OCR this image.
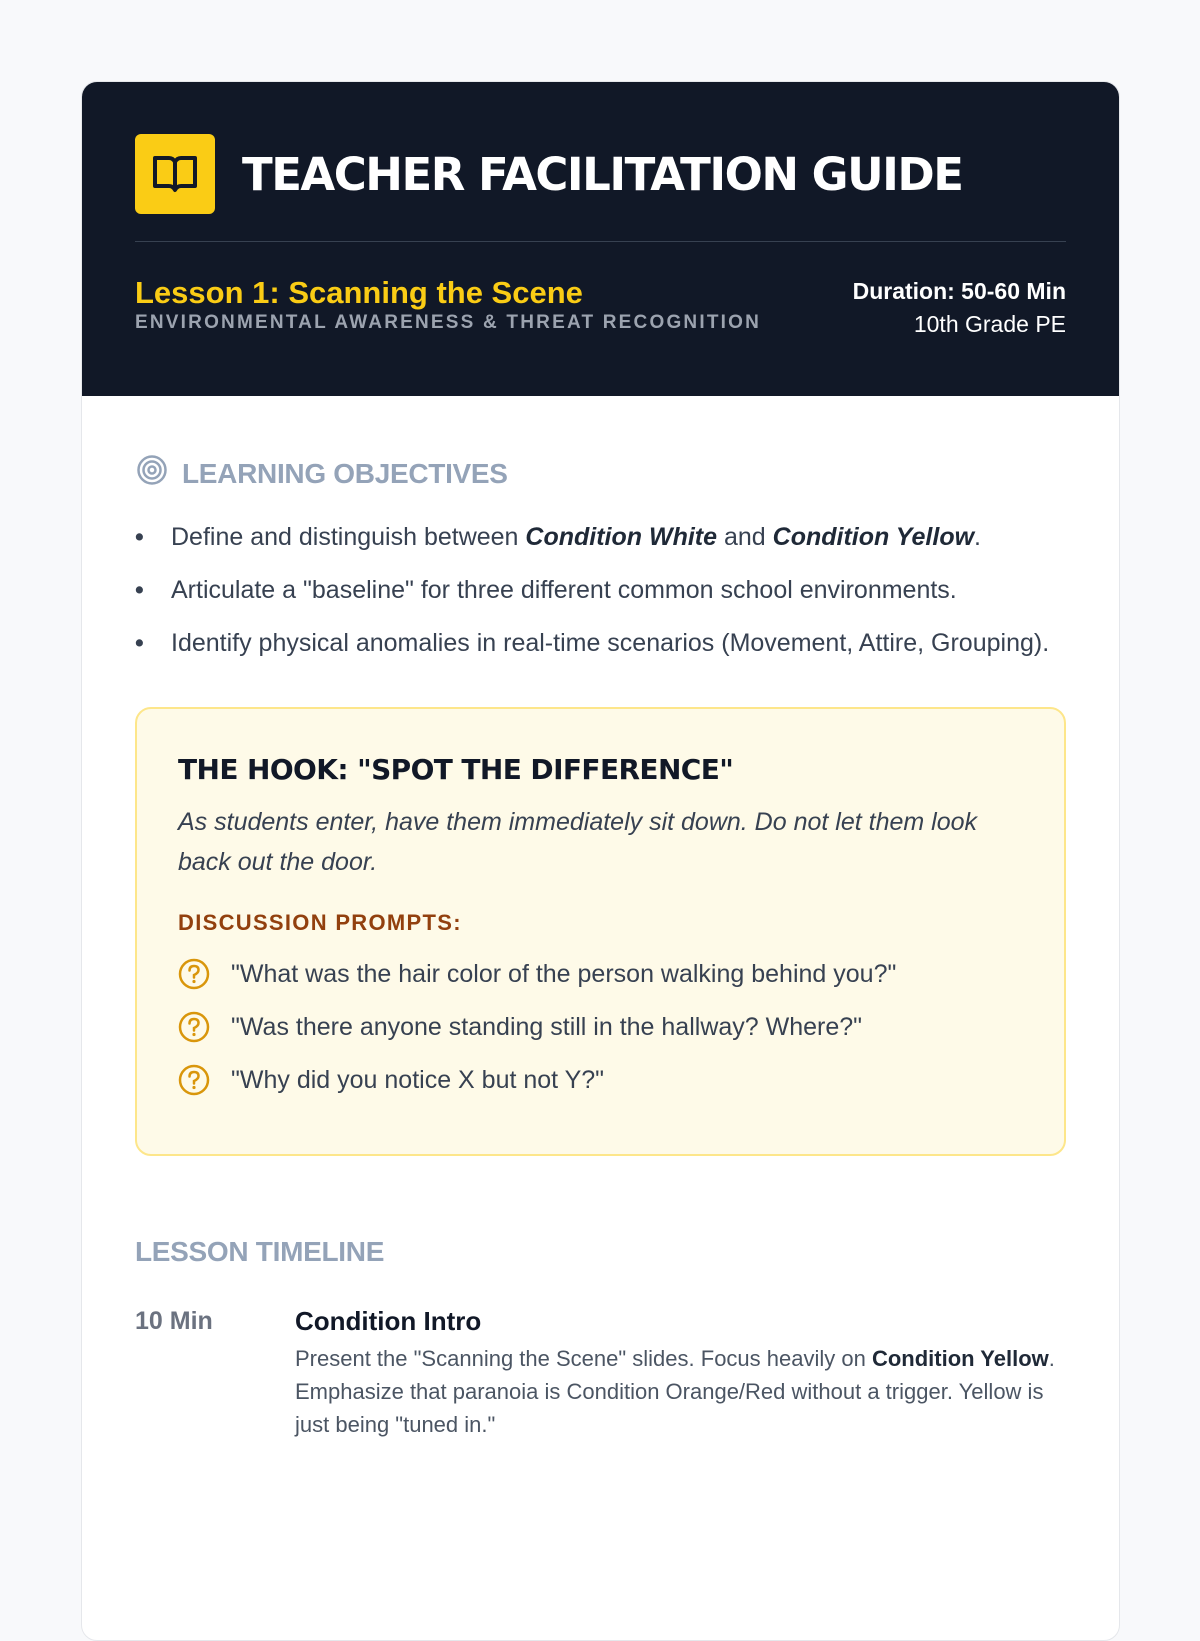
TEACHER FACILITATION GUIDE
Lesson 1: Scanning the Scene
ENVIRONMENTAL AWARENESS & THREAT RECOGNITION
Duration: 50-60 Min
10th Grade PE
LEARNING OBJECTIVES
• Define and distinguish between Condition White and Condition Yellow.
• Articulate a "baseline" for three different common school environments.
• Identify physical anomalies in real-time scenarios (Movement, Attire, Grouping).
THE HOOK: "SPOT THE DIFFERENCE"
As students enter, have them immediately sit down. Do not let them look back out the door.
DISCUSSION PROMPTS:
"What was the hair color of the person walking behind you?"
"Was there anyone standing still in the hallway? Where?"
"Why did you notice X but not Y?"
LESSON TIMELINE
10 Min	Condition Intro
Present the "Scanning the Scene" slides. Focus heavily on Condition Yellow. Emphasize that paranoia is Condition Orange/Red without a trigger. Yellow is just being "tuned in."
